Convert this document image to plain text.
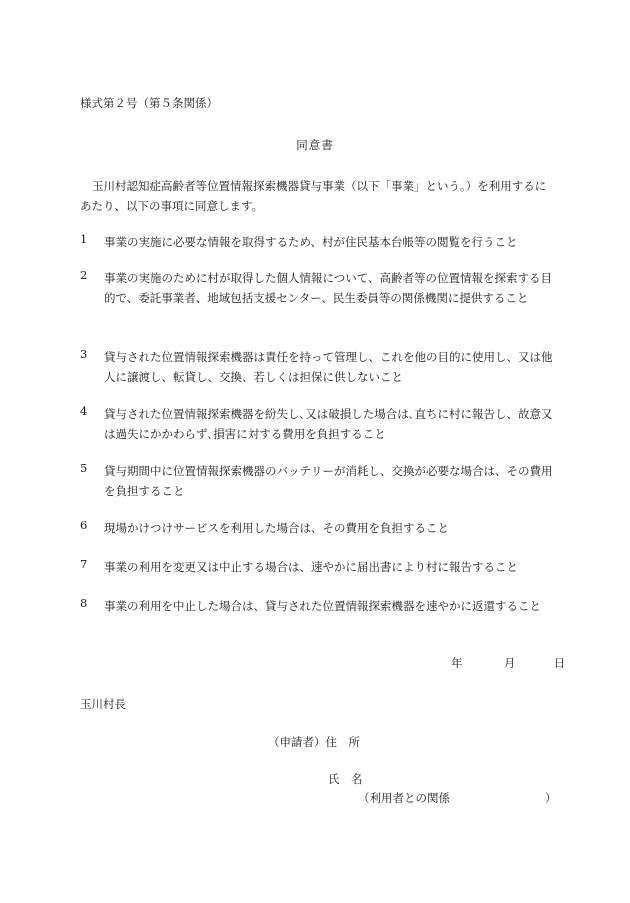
様式第２号（第５条関係）
同意書
玉川村認知症高齢者等位置情報探索機器貸与事業（以下「事業」という。）を利用するにあたり、以下の事項に同意します。
1	事業の実施に必要な情報を取得するため、村が住民基本台帳等の閲覧を行うこと
2	事業の実施のために村が取得した個人情報について、高齢者等の位置情報を探索する目的で、委託事業者、地域包括支援センター、民生委員等の関係機関に提供すること
3	貸与された位置情報探索機器は責任を持って管理し、これを他の目的に使用し、又は他人に譲渡し、転貸し、交換、若しくは担保に供しないこと
4	貸与された位置情報探索機器を紛失し､又は破損した場合は､直ちに村に報告し、故意又は過失にかかわらず､損害に対する費用を負担すること
5	貸与期間中に位置情報探索機器のバッテリーが消耗し、交換が必要な場合は、その費用を負担すること
6	現場かけつけサービスを利用した場合は、その費用を負担すること
7	事業の利用を変更又は中止する場合は、速やかに届出書により村に報告すること
8	事業の利用を中止した場合は、貸与された位置情報探索機器を速やかに返還すること
年	月	日
玉川村長
（申請者）住　所
氏　名
（利用者との関係	）
